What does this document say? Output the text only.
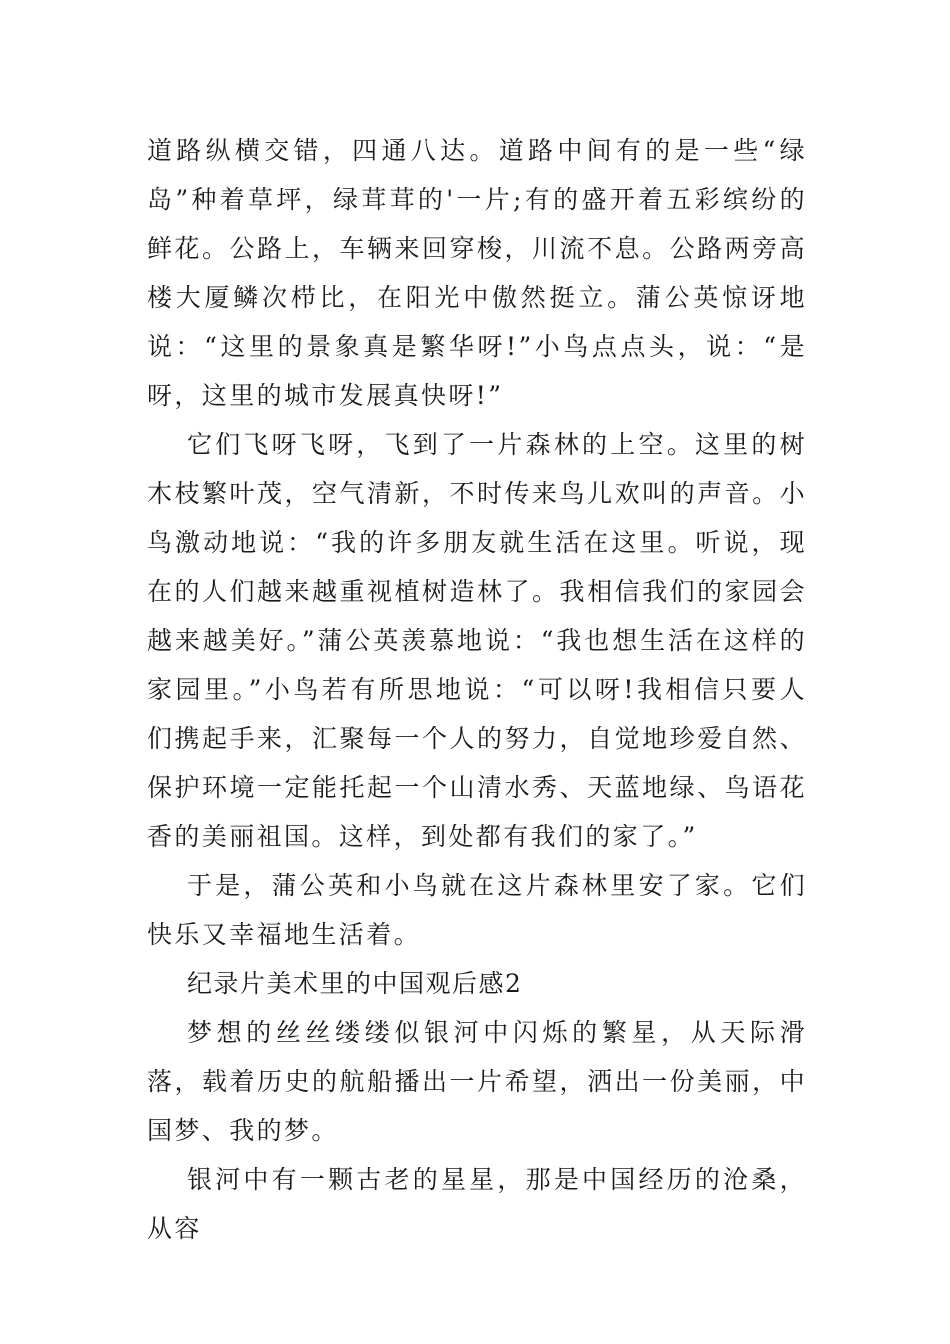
道路纵横交错，四通八达。道路中间有的是一些“绿岛”种着草坪，绿茸茸的'一片;有的盛开着五彩缤纷的鲜花。公路上，车辆来回穿梭，川流不息。公路两旁高楼大厦鳞次栉比，在阳光中傲然挺立。蒲公英惊讶地说：“这里的景象真是繁华呀!”小鸟点点头，说：“是呀，这里的城市发展真快呀!”

它们飞呀飞呀，飞到了一片森林的上空。这里的树木枝繁叶茂，空气清新，不时传来鸟儿欢叫的声音。小鸟激动地说：“我的许多朋友就生活在这里。听说，现在的人们越来越重视植树造林了。我相信我们的家园会越来越美好。”蒲公英羡慕地说：“我也想生活在这样的家园里。”小鸟若有所思地说：“可以呀!我相信只要人们携起手来，汇聚每一个人的努力，自觉地珍爱自然、保护环境一定能托起一个山清水秀、天蓝地绿、鸟语花香的美丽祖国。这样，到处都有我们的家了。”

于是，蒲公英和小鸟就在这片森林里安了家。它们快乐又幸福地生活着。

纪录片美术里的中国观后感2

梦想的丝丝缕缕似银河中闪烁的繁星，从天际滑落，载着历史的航船播出一片希望，洒出一份美丽，中国梦、我的梦。

银河中有一颗古老的星星，那是中国经历的沧桑，从容
